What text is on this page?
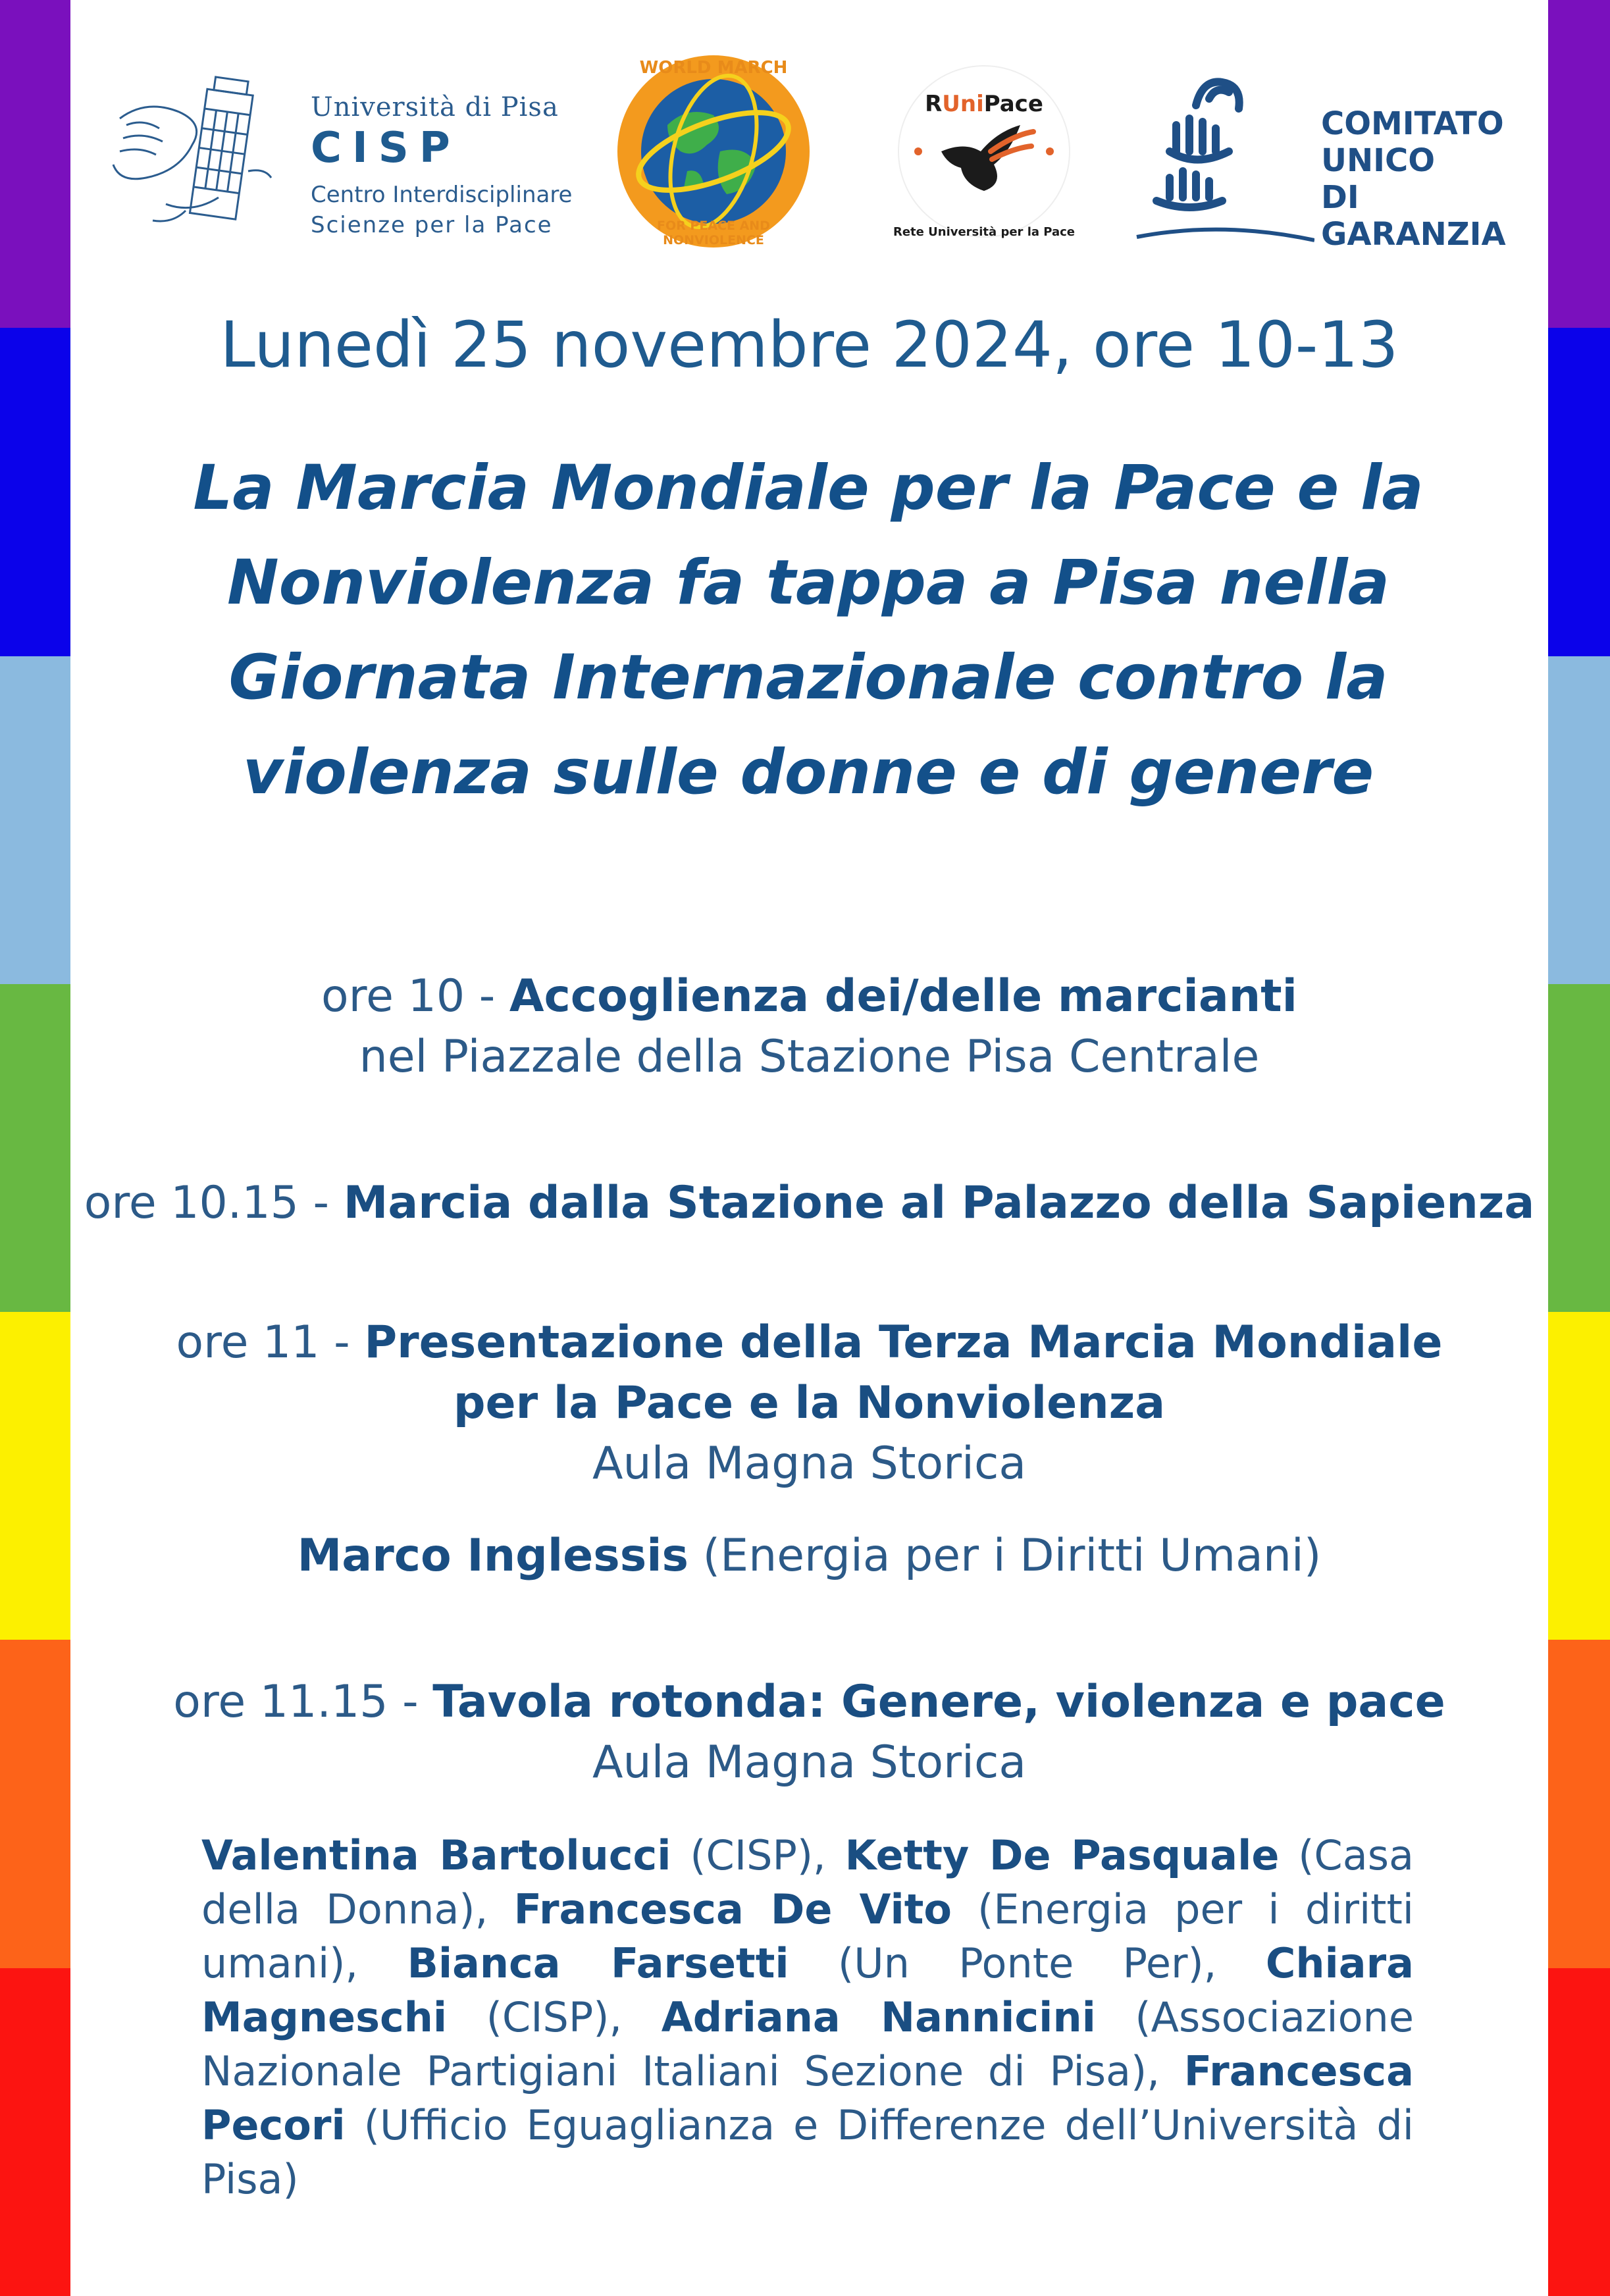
Università di Pisa
CISP
Centro Interdisciplinare
Scienze per la Pace
WORLD MARCH
FOR PEACE AND NONVIOLENCE
RUniPace
Rete Università per la Pace
COMITATO
UNICO
DI GARANZIA
Lunedì 25 novembre 2024, ore 10-13
La Marcia Mondiale per la Pace e la
Nonviolenza fa tappa a Pisa nella
Giornata Internazionale contro la
violenza sulle donne e di genere
ore 10 - Accoglienza dei/delle marcianti
nel Piazzale della Stazione Pisa Centrale
ore 10.15 - Marcia dalla Stazione al Palazzo della Sapienza
ore 11 - Presentazione della Terza Marcia Mondiale
per la Pace e la Nonviolenza
Aula Magna Storica
Marco Inglessis (Energia per i Diritti Umani)
ore 11.15 - Tavola rotonda: Genere, violenza e pace
Aula Magna Storica
Valentina Bartolucci (CISP), Ketty De Pasquale (Casa della Donna), Francesca De Vito (Energia per i diritti umani), Bianca Farsetti (Un Ponte Per), Chiara Magneschi (CISP), Adriana Nannicini (Associazione Nazionale Partigiani Italiani Sezione di Pisa), Francesca Pecori (Ufficio Eguaglianza e Differenze dell’Università di Pisa)
